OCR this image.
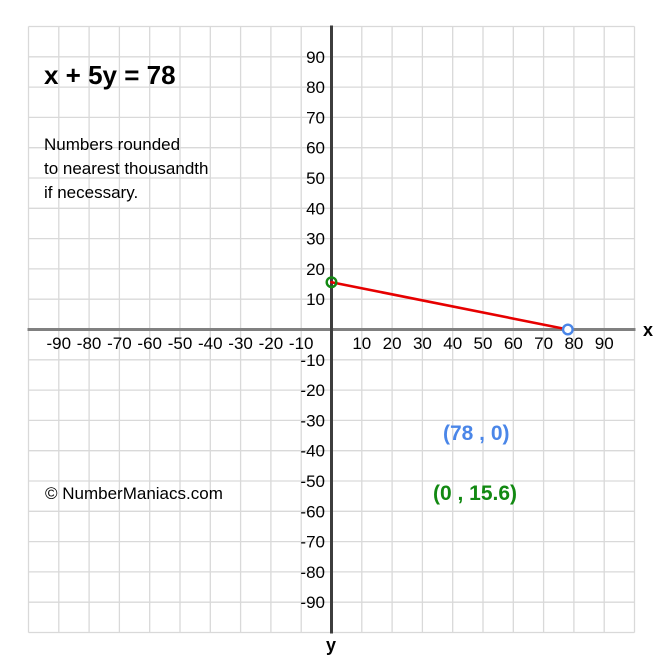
-90 -80 -70 -60 -50 -40 -30 -20 -10 10 20 30 40 50 60 70 80 90
90
80
70
60
50
40
30
20
10
-10
-20
-30
-40
-50
-60
-70
-80
-90
x + 5y = 78
Numbers rounded
to nearest thousandth
if necessary.
© NumberManiacs.com
(78 , 0)
(0 , 15.6)
x
y
